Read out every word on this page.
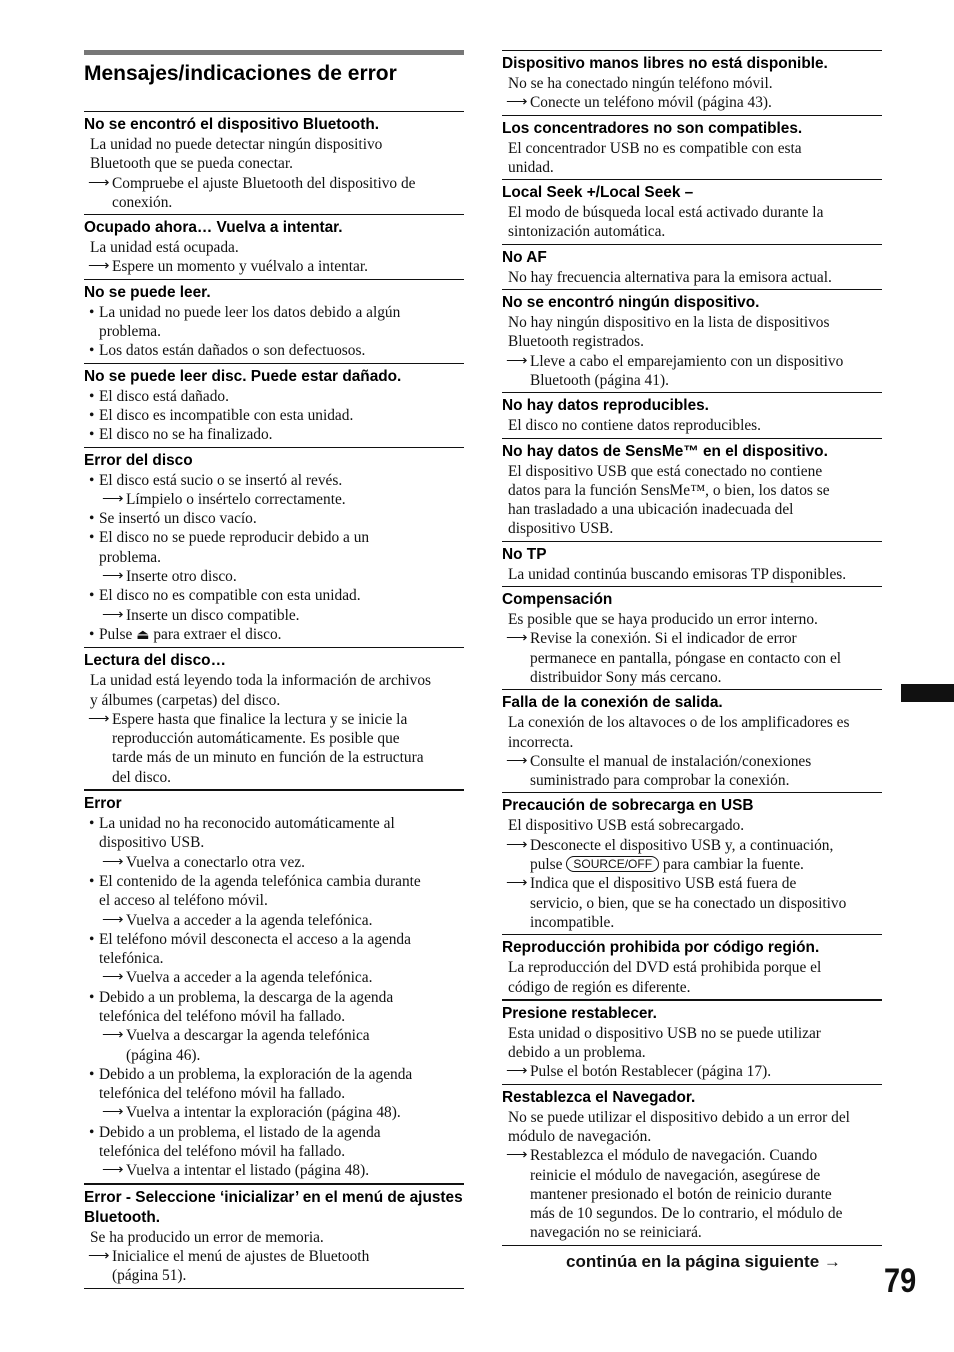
Mensajes/indicaciones de error
No se encontró el dispositivo Bluetooth.
La unidad no puede detectar ningún dispositivo
Bluetooth que se pueda conectar.
⟶ Compruebe el ajuste Bluetooth del dispositivo de
conexión.
Ocupado ahora… Vuelva a intentar.
La unidad está ocupada.
⟶ Espere un momento y vuélvalo a intentar.
No se puede leer.
• La unidad no puede leer los datos debido a algún
problema.
• Los datos están dañados o son defectuosos.
No se puede leer disc. Puede estar dañado.
• El disco está dañado.
• El disco es incompatible con esta unidad.
• El disco no se ha finalizado.
Error del disco
• El disco está sucio o se insertó al revés.
⟶ Límpielo o insértelo correctamente.
• Se insertó un disco vacío.
• El disco no se puede reproducir debido a un
problema.
⟶ Inserte otro disco.
• El disco no es compatible con esta unidad.
⟶ Inserte un disco compatible.
• Pulse ⏏ para extraer el disco.
Lectura del disco…
La unidad está leyendo toda la información de archivos
y álbumes (carpetas) del disco.
⟶ Espere hasta que finalice la lectura y se inicie la
reproducción automáticamente. Es posible que
tarde más de un minuto en función de la estructura
del disco.
Error
• La unidad no ha reconocido automáticamente al
dispositivo USB.
⟶ Vuelva a conectarlo otra vez.
• El contenido de la agenda telefónica cambia durante
el acceso al teléfono móvil.
⟶ Vuelva a acceder a la agenda telefónica.
• El teléfono móvil desconecta el acceso a la agenda
telefónica.
⟶ Vuelva a acceder a la agenda telefónica.
• Debido a un problema, la descarga de la agenda
telefónica del teléfono móvil ha fallado.
⟶ Vuelva a descargar la agenda telefónica
(página 46).
• Debido a un problema, la exploración de la agenda
telefónica del teléfono móvil ha fallado.
⟶ Vuelva a intentar la exploración (página 48).
• Debido a un problema, el listado de la agenda
telefónica del teléfono móvil ha fallado.
⟶ Vuelva a intentar el listado (página 48).
Error - Seleccione ‘inicializar’ en el menú de ajustes Bluetooth.
Se ha producido un error de memoria.
⟶ Inicialice el menú de ajustes de Bluetooth
(página 51).
Dispositivo manos libres no está disponible.
No se ha conectado ningún teléfono móvil.
⟶ Conecte un teléfono móvil (página 43).
Los concentradores no son compatibles.
El concentrador USB no es compatible con esta
unidad.
Local Seek +/Local Seek –
El modo de búsqueda local está activado durante la
sintonización automática.
No AF
No hay frecuencia alternativa para la emisora actual.
No se encontró ningún dispositivo.
No hay ningún dispositivo en la lista de dispositivos
Bluetooth registrados.
⟶ Lleve a cabo el emparejamiento con un dispositivo
Bluetooth (página 41).
No hay datos reproducibles.
El disco no contiene datos reproducibles.
No hay datos de SensMe™ en el dispositivo.
El dispositivo USB que está conectado no contiene
datos para la función SensMe™, o bien, los datos se
han trasladado a una ubicación inadecuada del
dispositivo USB.
No TP
La unidad continúa buscando emisoras TP disponibles.
Compensación
Es posible que se haya producido un error interno.
⟶ Revise la conexión. Si el indicador de error
permanece en pantalla, póngase en contacto con el
distribuidor Sony más cercano.
Falla de la conexión de salida.
La conexión de los altavoces o de los amplificadores es
incorrecta.
⟶ Consulte el manual de instalación/conexiones
suministrado para comprobar la conexión.
Precaución de sobrecarga en USB
El dispositivo USB está sobrecargado.
⟶ Desconecte el dispositivo USB y, a continuación,
pulse SOURCE/OFF para cambiar la fuente.
⟶ Indica que el dispositivo USB está fuera de
servicio, o bien, que se ha conectado un dispositivo
incompatible.
Reproducción prohibida por código región.
La reproducción del DVD está prohibida porque el
código de región es diferente.
Presione restablecer.
Esta unidad o dispositivo USB no se puede utilizar
debido a un problema.
⟶ Pulse el botón Restablecer (página 17).
Restablezca el Navegador.
No se puede utilizar el dispositivo debido a un error del
módulo de navegación.
⟶ Restablezca el módulo de navegación. Cuando
reinicie el módulo de navegación, asegúrese de
mantener presionado el botón de reinicio durante
más de 10 segundos. De lo contrario, el módulo de
navegación no se reiniciará.
continúa en la página siguiente →
79
